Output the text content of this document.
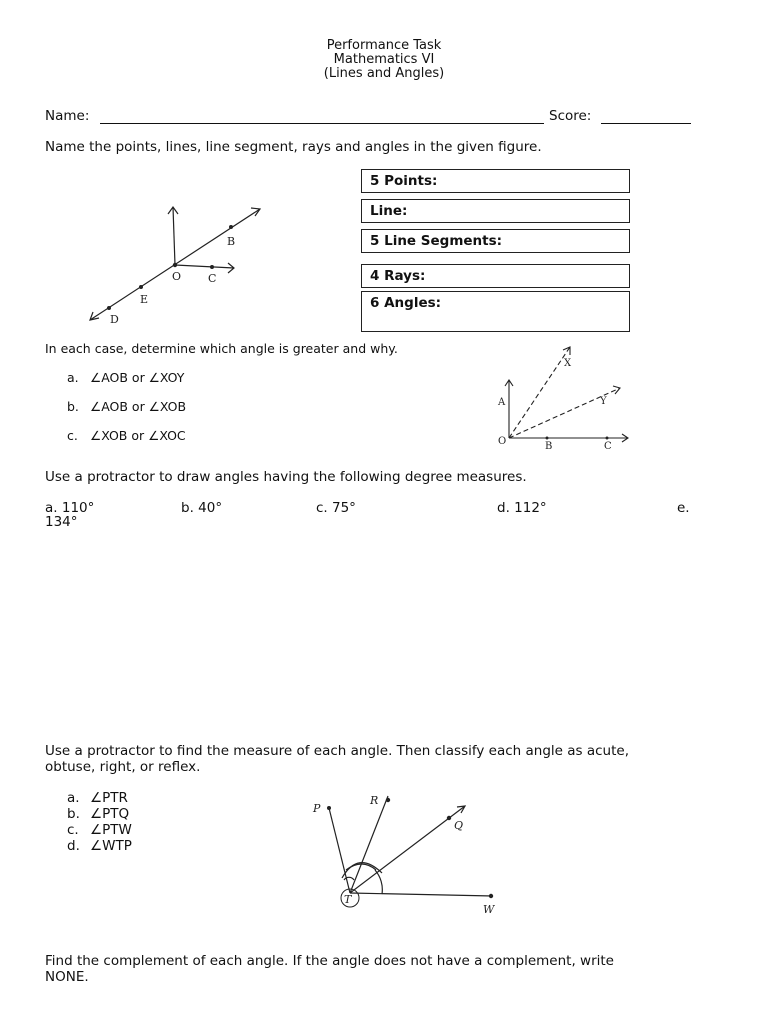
Performance Task
Mathematics VI
(Lines and Angles)
Name:	Score:
Name the points, lines, line segment, rays and angles in the given figure.
B
O C
E
D
5 Points:
Line:
5 Line Segments:
4 Rays:
6 Angles:
In each case, determine which angle is greater and why.
a. ∠AOB or ∠XOY
b. ∠AOB or ∠XOB
c. ∠XOB or ∠XOC
X
A	Y
O	B	C
Use a protractor to draw angles having the following degree measures.
a. 110°	b. 40°	c. 75°	d. 112°	e.
134°
Use a protractor to find the measure of each angle. Then classify each angle as acute,
obtuse, right, or reflex.
a. ∠PTR
b. ∠PTQ
c. ∠PTW
d. ∠WTP
P
R
Q
T
W
Find the complement of each angle. If the angle does not have a complement, write
NONE.
